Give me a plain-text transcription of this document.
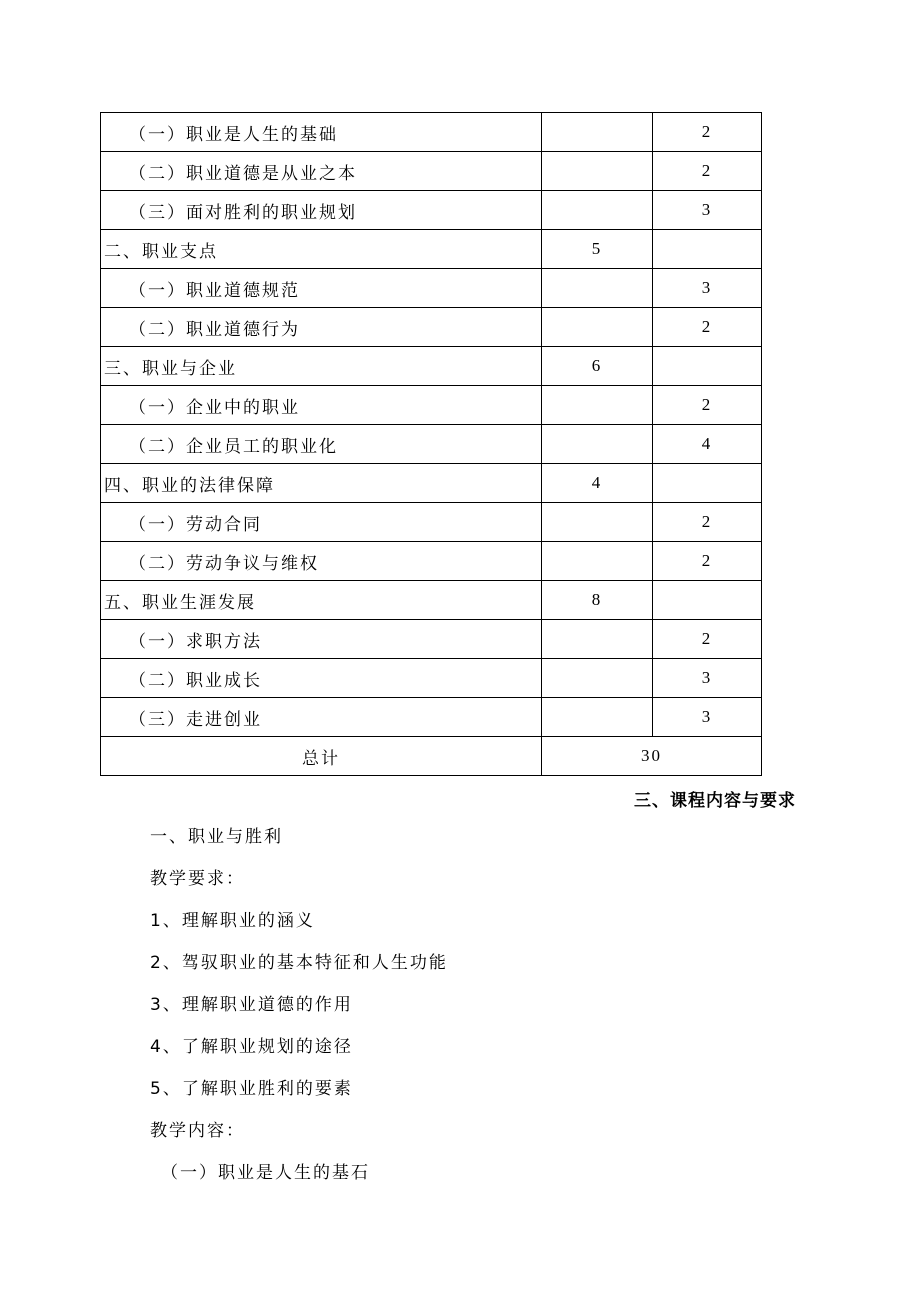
（一）职业是人生的基础		2
（二）职业道德是从业之本		2
（三）面对胜利的职业规划		3
二、职业支点	5	
（一）职业道德规范		3
（二）职业道德行为		2
三、职业与企业	6	
（一）企业中的职业		2
（二）企业员工的职业化		4
四、职业的法律保障	4	
（一）劳动合同		2
（二）劳动争议与维权		2
五、职业生涯发展	8	
（一）求职方法		2
（二）职业成长		3
（三）走进创业		3
总计	30	
三、课程内容与要求
一、职业与胜利
教学要求：
1、理解职业的涵义
2、驾驭职业的基本特征和人生功能
3、理解职业道德的作用
4、了解职业规划的途径
5、了解职业胜利的要素
教学内容：
（一）职业是人生的基石
